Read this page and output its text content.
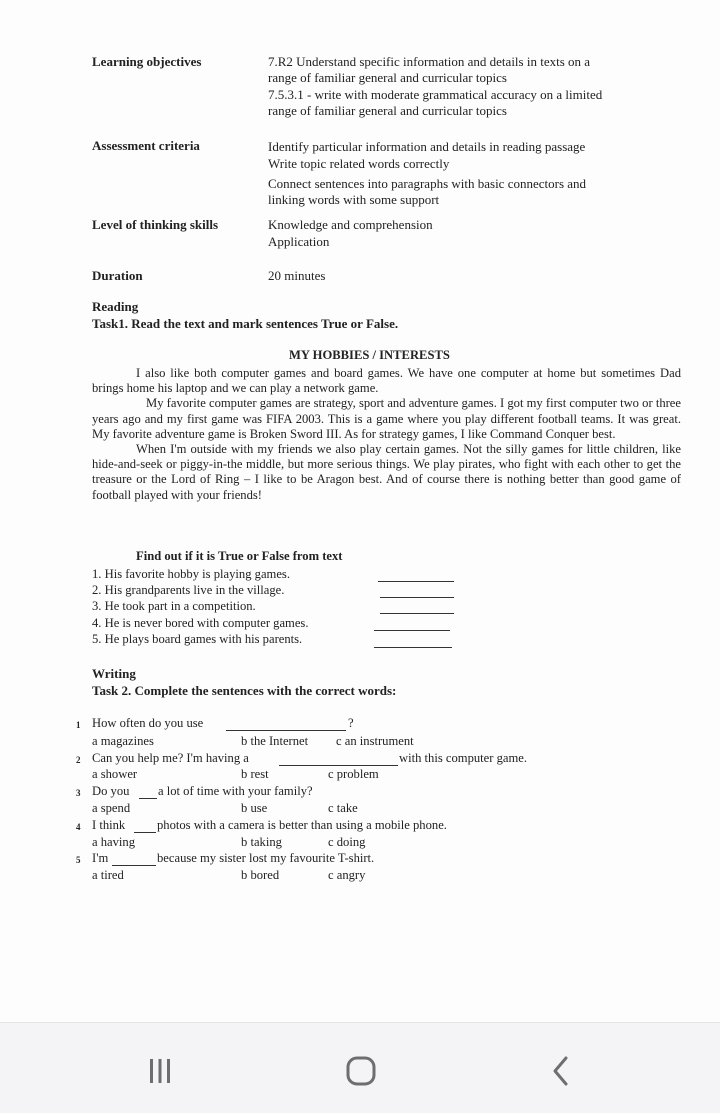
Learning objectives	7.R2 Understand specific information and details in texts on a
range of familiar general and curricular topics
7.5.3.1 - write with moderate grammatical accuracy on a limited
range of familiar general and curricular topics
Assessment criteria	Identify particular information and details in reading passage
Write topic related words correctly
Connect sentences into paragraphs with basic connectors and
linking words with some support
Level of thinking skills	Knowledge and comprehension
Application
Duration	20 minutes
Reading
Task1. Read the text and mark sentences True or False.
MY HOBBIES / INTERESTS

I also like both computer games and board games. We have one computer at home but sometimes Dad brings home his laptop and we can play a network game.

My favorite computer games are strategy, sport and adventure games. I got my first computer two or three years ago and my first game was FIFA 2003. This is a game where you play different football teams. It was great. My favorite adventure game is Broken Sword III. As for strategy games, I like Command Conquer best.

When I'm outside with my friends we also play certain games. Not the silly games for little children, like hide-and-seek or piggy-in-the middle, but more serious things. We play pirates, who fight with each other to get the treasure or the Lord of Ring – I like to be Aragon best. And of course there is nothing better than good game of football played with your friends!

Find out if it is True or False from text
1. His favorite hobby is playing games.
2. His grandparents live in the village.
3. He took part in a competition.
4. He is never bored with computer games.
5. He plays board games with his parents.
Writing
Task 2. Complete the sentences with the correct words:
1 How often do you use	?
a magazines	b the Internet c an instrument
2 Can you help me? I'm having a	with this computer game.
a shower	b rest	c problem
3 Do you a lot of time with your family?
a spend	b use	c take
4 I think	photos with a camera is better than using a mobile phone.
a having	b taking	c doing
5 I'm	because my sister lost my favourite T-shirt.
a tired	b bored	c angry
